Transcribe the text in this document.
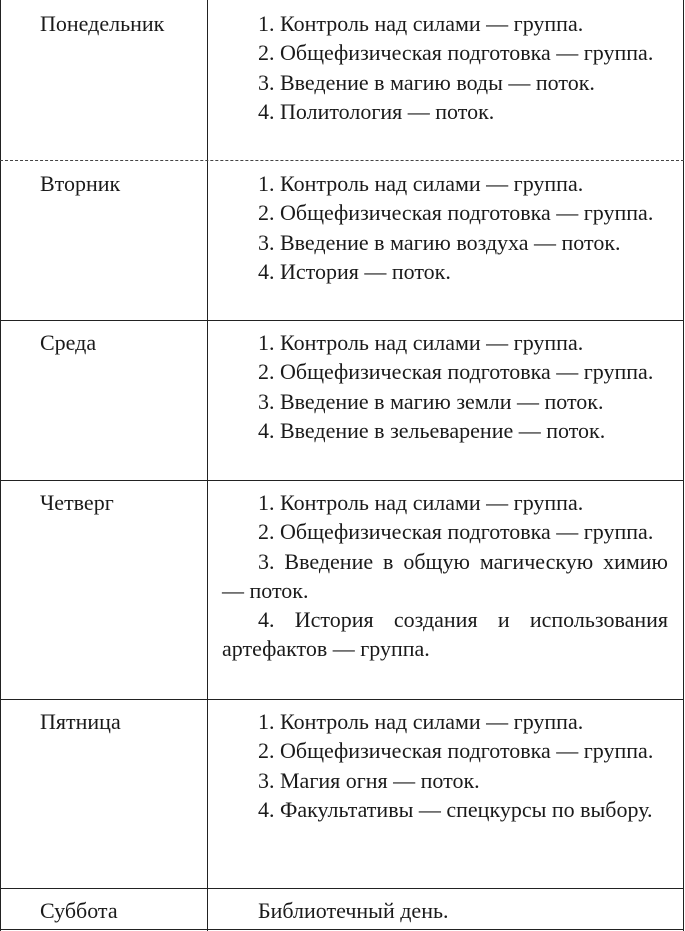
Понедельник	1. Контроль над силами — группа.

2. Общефизическая подготовка — группа.

3. Введение в магию воды — поток.

4. Политология — поток.

Вторник	1. Контроль над силами — группа.

2. Общефизическая подготовка — группа.

3. Введение в магию воздуха — поток.

4. История — поток.

Среда	1. Контроль над силами — группа.

2. Общефизическая подготовка — группа.

3. Введение в магию земли — поток.

4. Введение в зельеварение — поток.

Четверг	1. Контроль над силами — группа.

2. Общефизическая подготовка — группа.

3. Введение в общую магическую химию — поток.

4. История создания и использования артефактов — группа.

Пятница	1. Контроль над силами — группа.

2. Общефизическая подготовка — группа.

3. Магия огня — поток.

4. Факультативы — спецкурсы по выбору.

Суббота	Библиотечный день.
